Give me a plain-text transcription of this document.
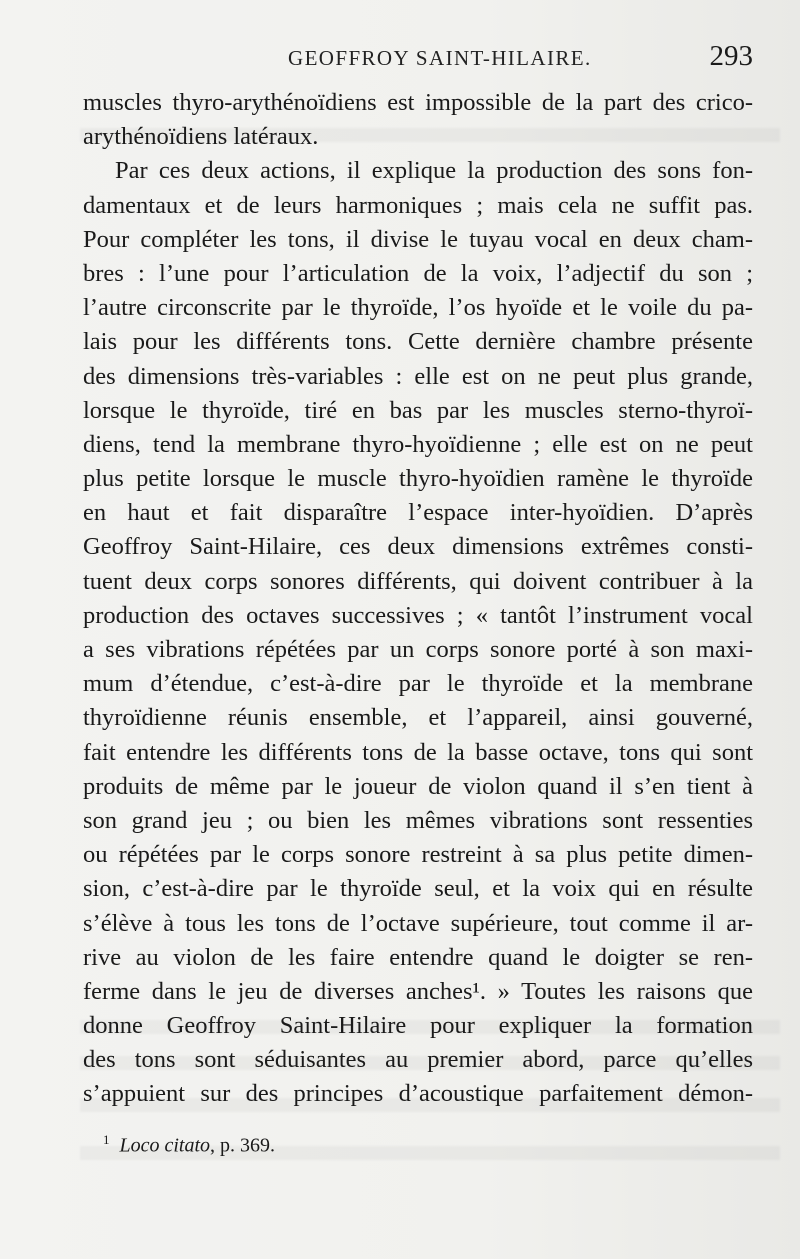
GEOFFROY SAINT-HILAIRE.	293
muscles thyro-arythénoïdiens est impossible de la part des crico-
arythénoïdiens latéraux.
Par ces deux actions, il explique la production des sons fon-
damentaux et de leurs harmoniques ; mais cela ne suffit pas.
Pour compléter les tons, il divise le tuyau vocal en deux cham-
bres : l’une pour l’articulation de la voix, l’adjectif du son ;
l’autre circonscrite par le thyroïde, l’os hyoïde et le voile du pa-
lais pour les différents tons. Cette dernière chambre présente
des dimensions très-variables : elle est on ne peut plus grande,
lorsque le thyroïde, tiré en bas par les muscles sterno-thyroï-
diens, tend la membrane thyro-hyoïdienne ; elle est on ne peut
plus petite lorsque le muscle thyro-hyoïdien ramène le thyroïde
en haut et fait disparaître l’espace inter-hyoïdien. D’après
Geoffroy Saint-Hilaire, ces deux dimensions extrêmes consti-
tuent deux corps sonores différents, qui doivent contribuer à la
production des octaves successives ; « tantôt l’instrument vocal
a ses vibrations répétées par un corps sonore porté à son maxi-
mum d’étendue, c’est-à-dire par le thyroïde et la membrane
thyroïdienne réunis ensemble, et l’appareil, ainsi gouverné,
fait entendre les différents tons de la basse octave, tons qui sont
produits de même par le joueur de violon quand il s’en tient à
son grand jeu ; ou bien les mêmes vibrations sont ressenties
ou répétées par le corps sonore restreint à sa plus petite dimen-
sion, c’est-à-dire par le thyroïde seul, et la voix qui en résulte
s’élève à tous les tons de l’octave supérieure, tout comme il ar-
rive au violon de les faire entendre quand le doigter se ren-
ferme dans le jeu de diverses anches¹. » Toutes les raisons que
donne Geoffroy Saint-Hilaire pour expliquer la formation
des tons sont séduisantes au premier abord, parce qu’elles
s’appuient sur des principes d’acoustique parfaitement démon-
$^1$ Loco citato, p. 369.
